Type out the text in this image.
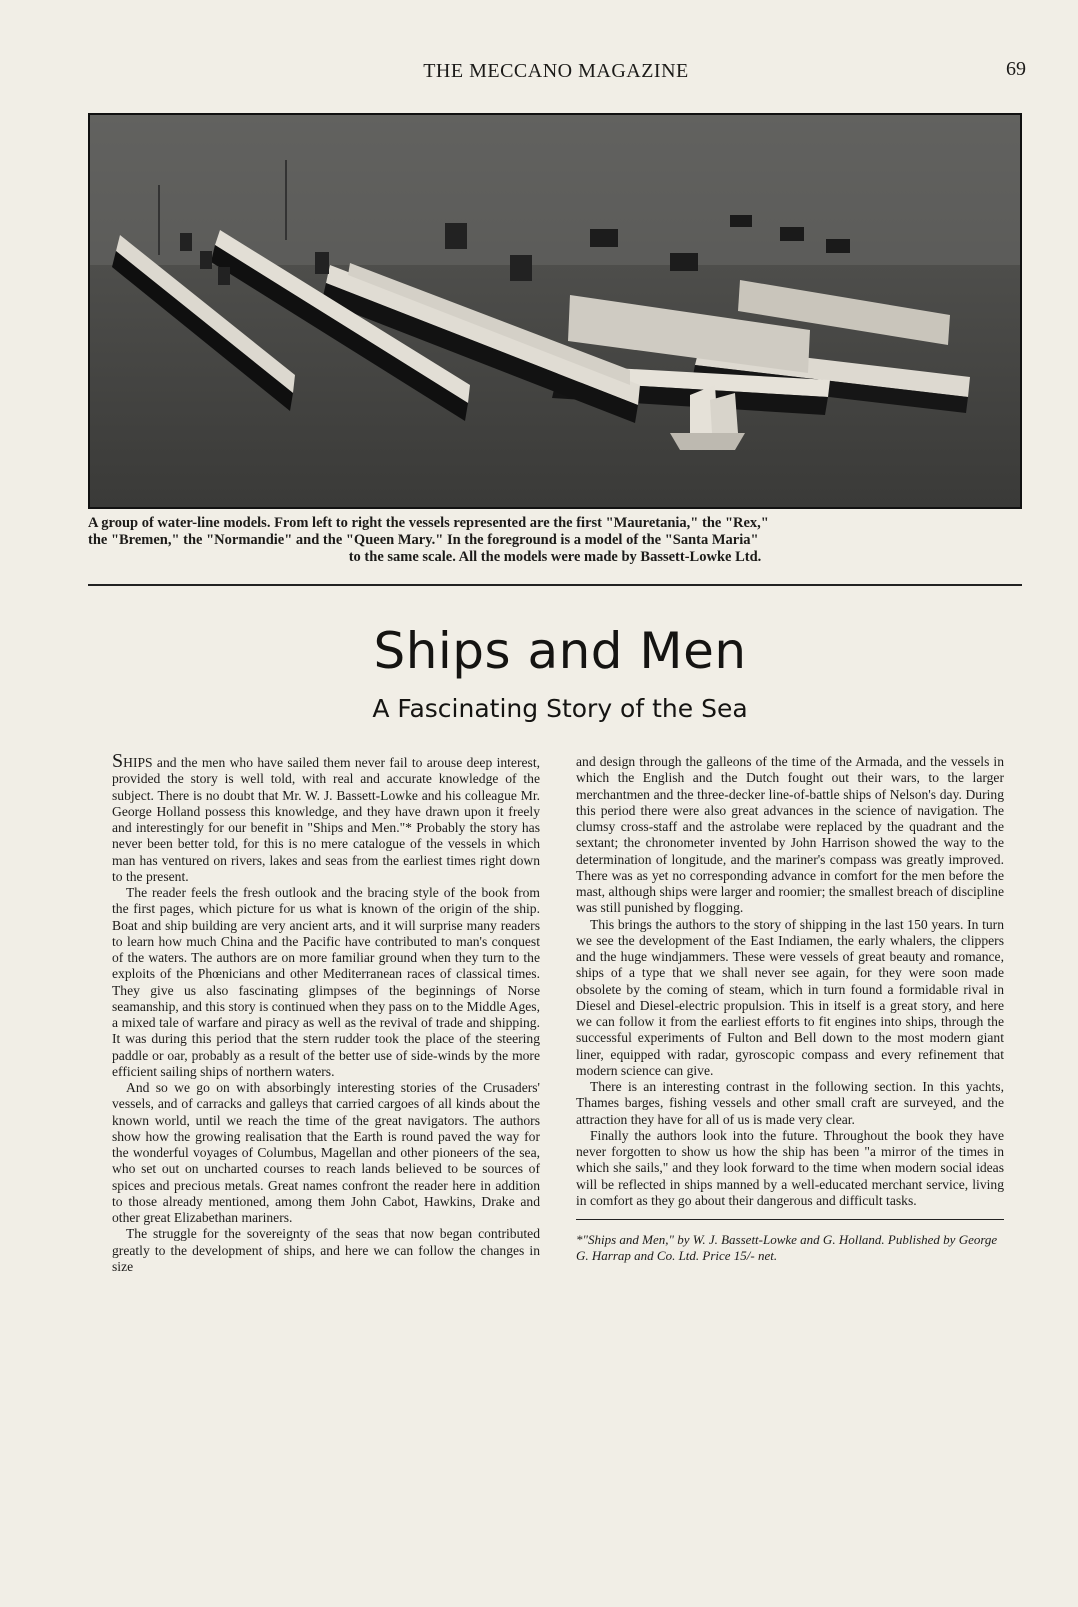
THE MECCANO MAGAZINE	69
A group of water-line models. From left to right the vessels represented are the first "Mauretania," the "Rex,"
the "Bremen," the "Normandie" and the "Queen Mary." In the foreground is a model of the "Santa Maria"
to the same scale. All the models were made by Bassett-Lowke Ltd.
Ships and Men
A Fascinating Story of the Sea

SHIPS and the men who have sailed them never fail to arouse deep interest, provided the story is well told, with real and accurate knowledge of the subject. There is no doubt that Mr. W. J. Bassett-Lowke and his colleague Mr. George Holland possess this knowledge, and they have drawn upon it freely and interestingly for our benefit in "Ships and Men."* Probably the story has never been better told, for this is no mere catalogue of the vessels in which man has ventured on rivers, lakes and seas from the earliest times right down to the present.

The reader feels the fresh outlook and the bracing style of the book from the first pages, which picture for us what is known of the origin of the ship. Boat and ship building are very ancient arts, and it will surprise many readers to learn how much China and the Pacific have contributed to man's conquest of the waters. The authors are on more familiar ground when they turn to the exploits of the Phœnicians and other Mediterranean races of classical times. They give us also fascinating glimpses of the beginnings of Norse seamanship, and this story is continued when they pass on to the Middle Ages, a mixed tale of warfare and piracy as well as the revival of trade and shipping. It was during this period that the stern rudder took the place of the steering paddle or oar, probably as a result of the better use of side-winds by the more efficient sailing ships of northern waters.

And so we go on with absorbingly interesting stories of the Crusaders' vessels, and of carracks and galleys that carried cargoes of all kinds about the known world, until we reach the time of the great navigators. The authors show how the growing realisation that the Earth is round paved the way for the wonderful voyages of Columbus, Magellan and other pioneers of the sea, who set out on uncharted courses to reach lands believed to be sources of spices and precious metals. Great names confront the reader here in addition to those already mentioned, among them John Cabot, Hawkins, Drake and other great Elizabethan mariners.

The struggle for the sovereignty of the seas that now began contributed greatly to the development of ships, and here we can follow the changes in size

and design through the galleons of the time of the Armada, and the vessels in which the English and the Dutch fought out their wars, to the larger merchantmen and the three-decker line-of-battle ships of Nelson's day. During this period there were also great advances in the science of navigation. The clumsy cross-staff and the astrolabe were replaced by the quadrant and the sextant; the chronometer invented by John Harrison showed the way to the determination of longitude, and the mariner's compass was greatly improved. There was as yet no corresponding advance in comfort for the men before the mast, although ships were larger and roomier; the smallest breach of discipline was still punished by flogging.

This brings the authors to the story of shipping in the last 150 years. In turn we see the development of the East Indiamen, the early whalers, the clippers and the huge windjammers. These were vessels of great beauty and romance, ships of a type that we shall never see again, for they were soon made obsolete by the coming of steam, which in turn found a formidable rival in Diesel and Diesel-electric propulsion. This in itself is a great story, and here we can follow it from the earliest efforts to fit engines into ships, through the successful experiments of Fulton and Bell down to the most modern giant liner, equipped with radar, gyroscopic compass and every refinement that modern science can give.

There is an interesting contrast in the following section. In this yachts, Thames barges, fishing vessels and other small craft are surveyed, and the attraction they have for all of us is made very clear.

Finally the authors look into the future. Throughout the book they have never forgotten to show us how the ship has been "a mirror of the times in which she sails," and they look forward to the time when modern social ideas will be reflected in ships manned by a well-educated merchant service, living in comfort as they go about their dangerous and difficult tasks.

*"Ships and Men," by W. J. Bassett-Lowke and G. Holland. Published by George G. Harrap and Co. Ltd. Price 15/- net.
